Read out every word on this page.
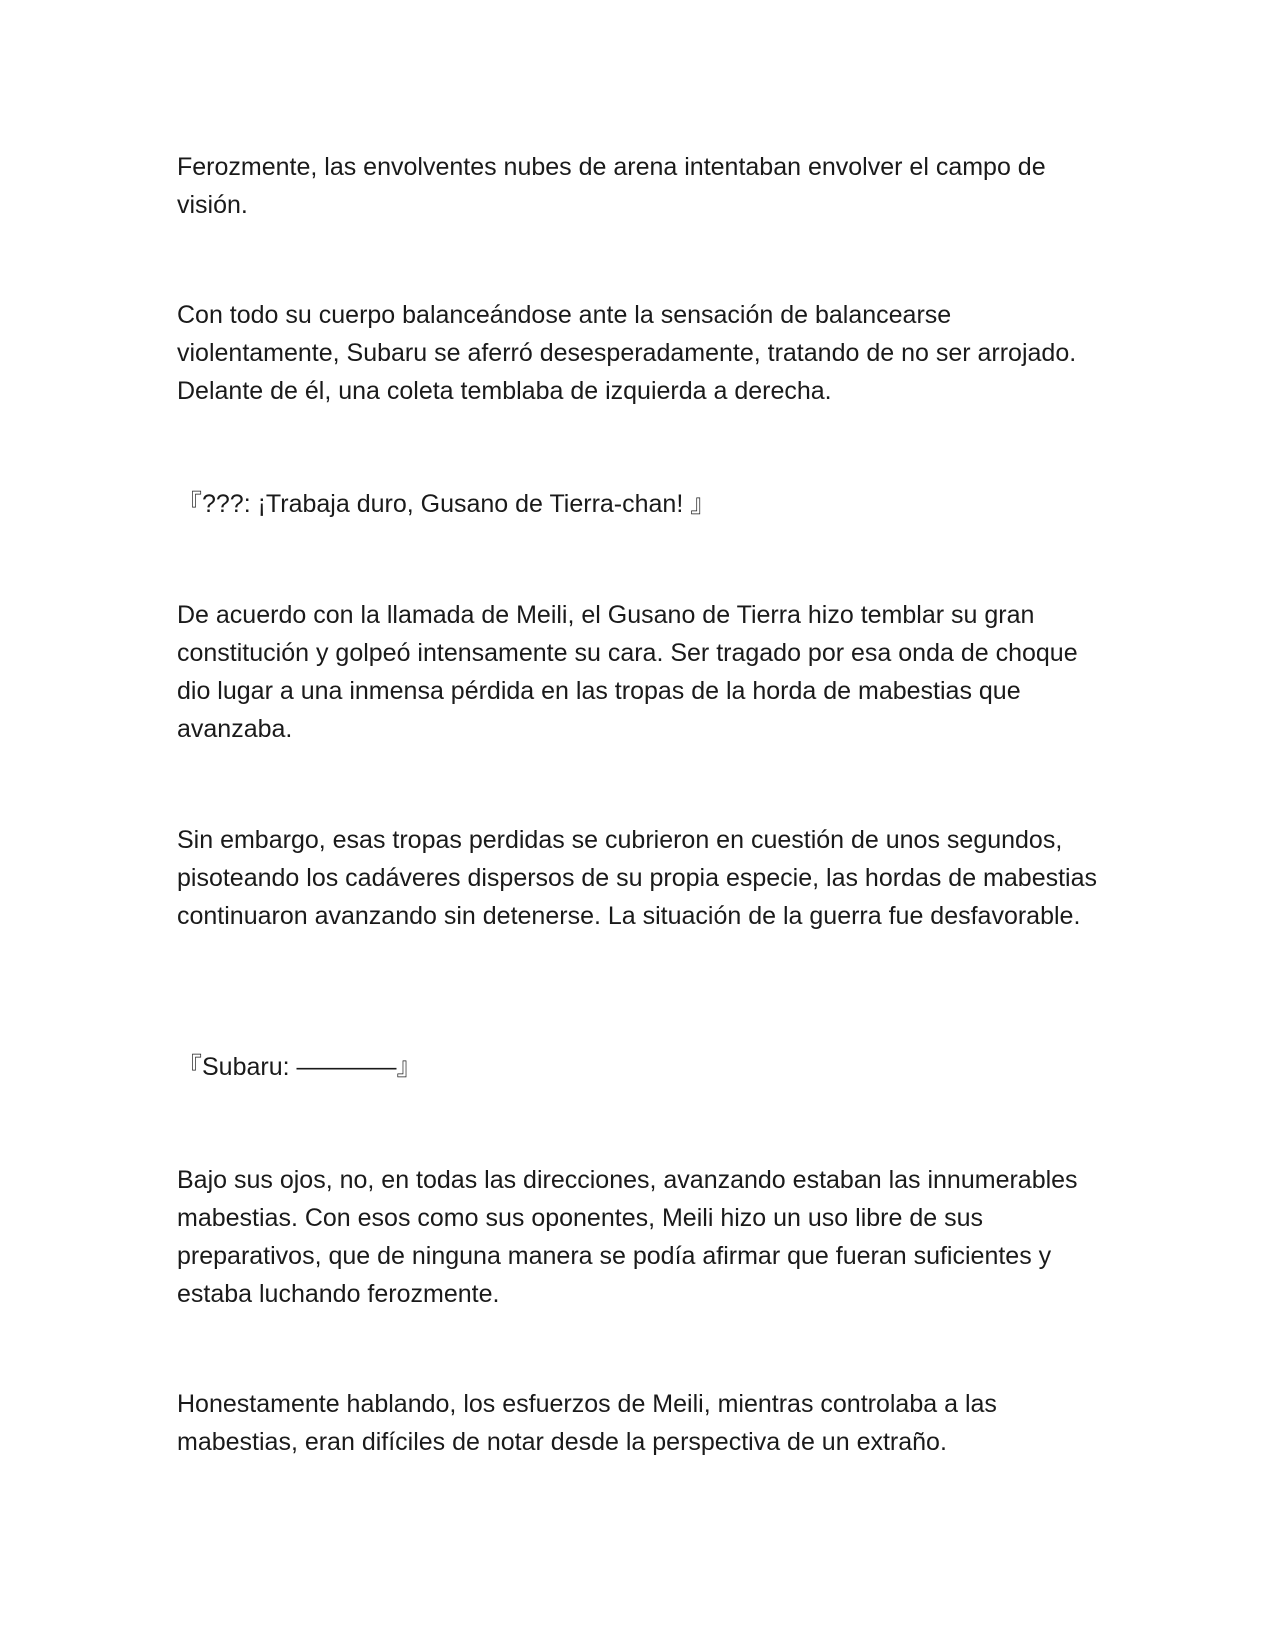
Ferozmente, las envolventes nubes de arena intentaban envolver el campo de visión.

Con todo su cuerpo balanceándose ante la sensación de balancearse violentamente, Subaru se aferró desesperadamente, tratando de no ser arrojado. Delante de él, una coleta temblaba de izquierda a derecha.

『???: ¡Trabaja duro, Gusano de Tierra-chan! 』

De acuerdo con la llamada de Meili, el Gusano de Tierra hizo temblar su gran constitución y golpeó intensamente su cara. Ser tragado por esa onda de choque dio lugar a una inmensa pérdida en las tropas de la horda de mabestias que avanzaba.

Sin embargo, esas tropas perdidas se cubrieron en cuestión de unos segundos, pisoteando los cadáveres dispersos de su propia especie, las hordas de mabestias continuaron avanzando sin detenerse. La situación de la guerra fue desfavorable.

『Subaru: ————』

Bajo sus ojos, no, en todas las direcciones, avanzando estaban las innumerables mabestias. Con esos como sus oponentes, Meili hizo un uso libre de sus preparativos, que de ninguna manera se podía afirmar que fueran suficientes y estaba luchando ferozmente.

Honestamente hablando, los esfuerzos de Meili, mientras controlaba a las mabestias, eran difíciles de notar desde la perspectiva de un extraño.
